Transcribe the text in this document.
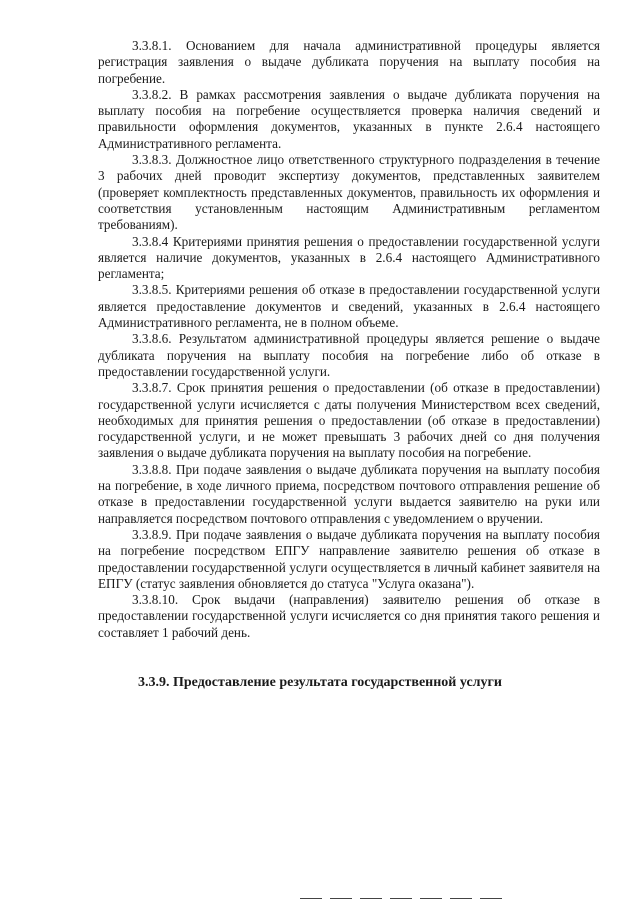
3.3.8.1. Основанием для начала административной процедуры является регистрация заявления о выдаче дубликата поручения на выплату пособия на погребение.

3.3.8.2. В рамках рассмотрения заявления о выдаче дубликата поручения на выплату пособия на погребение осуществляется проверка наличия сведений и правильности оформления документов, указанных в пункте 2.6.4 настоящего Административного регламента.

3.3.8.3. Должностное лицо ответственного структурного подразделения в течение 3 рабочих дней проводит экспертизу документов, представленных заявителем (проверяет комплектность представленных документов, правильность их оформления и соответствия установленным настоящим Административным регламентом требованиям).

3.3.8.4 Критериями принятия решения о предоставлении государственной услуги является наличие документов, указанных в 2.6.4 настоящего Административного регламента;

3.3.8.5. Критериями решения об отказе в предоставлении государственной услуги является предоставление документов и сведений, указанных в 2.6.4 настоящего Административного регламента, не в полном объеме.

3.3.8.6. Результатом административной процедуры является решение о выдаче дубликата поручения на выплату пособия на погребение либо об отказе в предоставлении государственной услуги.

3.3.8.7. Срок принятия решения о предоставлении (об отказе в предоставлении) государственной услуги исчисляется с даты получения Министерством всех сведений, необходимых для принятия решения о предоставлении (об отказе в предоставлении) государственной услуги, и не может превышать 3 рабочих дней со дня получения заявления о выдаче дубликата поручения на выплату пособия на погребение.

3.3.8.8. При подаче заявления о выдаче дубликата поручения на выплату пособия на погребение, в ходе личного приема, посредством почтового отправления решение об отказе в предоставлении государственной услуги выдается заявителю на руки или направляется посредством почтового отправления с уведомлением о вручении.

3.3.8.9. При подаче заявления о выдаче дубликата поручения на выплату пособия на погребение посредством ЕПГУ направление заявителю решения об отказе в предоставлении государственной услуги осуществляется в личный кабинет заявителя на ЕПГУ (статус заявления обновляется до статуса "Услуга оказана").

3.3.8.10. Срок выдачи (направления) заявителю решения об отказе в предоставлении государственной услуги исчисляется со дня принятия такого решения и составляет 1 рабочий день.

3.3.9. Предоставление результата государственной услуги
